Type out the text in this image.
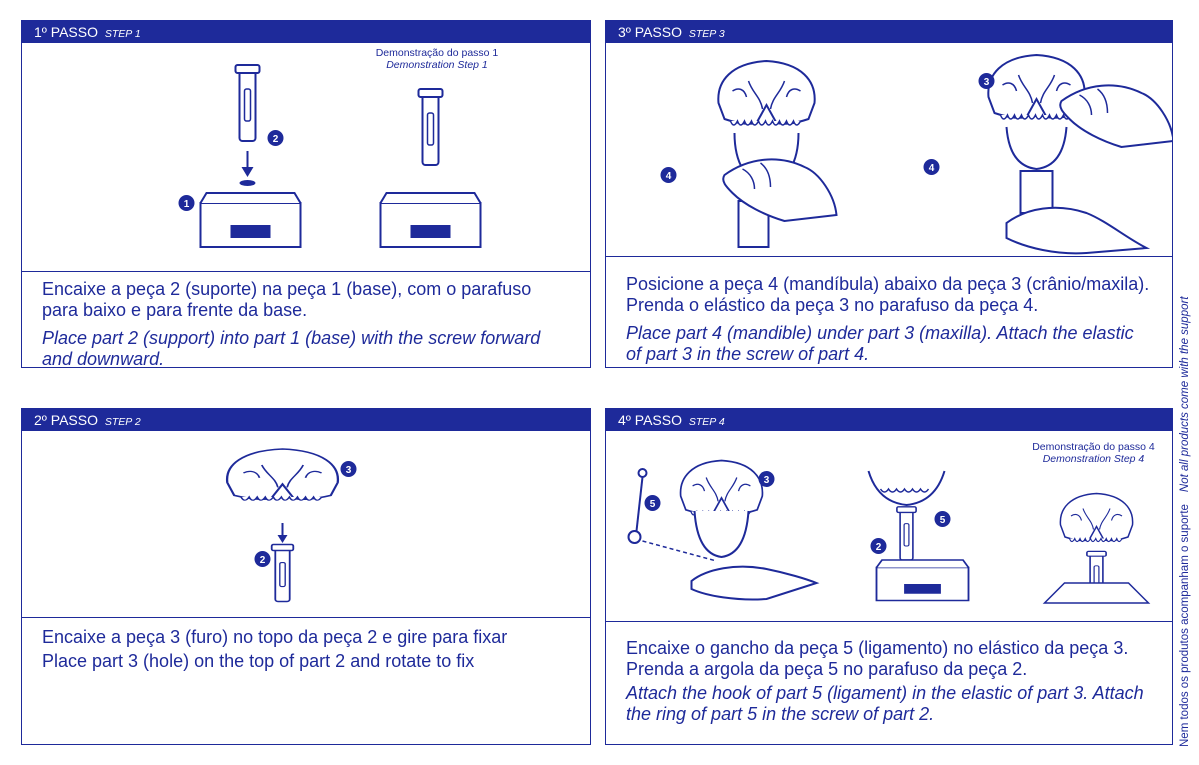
1º PASSO STEP 1
1
2
Demonstração do passo 1
Demonstration Step 1

Encaixe a peça 2 (suporte) na peça 1 (base), com o parafuso para baixo e para frente da base.

Place part 2 (support) into part 1 (base) with the screw forward and downward.

3º PASSO STEP 3
4
4
3

Posicione a peça 4 (mandíbula) abaixo da peça 3 (crânio/maxila). Prenda o elástico da peça 3 no parafuso da peça 4.

Place part 4 (mandible) under part 3 (maxilla). Attach the elastic of part 3 in the screw of part 4.

2º PASSO STEP 2
3
2

Encaixe a peça 3 (furo) no topo da peça 2 e gire para fixar

Place part 3 (hole) on the top of part 2 and rotate to fix

4º PASSO STEP 4
5
3
2
5
Demonstração do passo 4
Demonstration Step 4

Encaixe o gancho da peça 5 (ligamento) no elástico da peça 3. Prenda a argola da peça 5 no parafuso da peça 2.

Attach the hook of part 5 (ligament) in the elastic of part 3. Attach the ring of part 5 in the screw of part 2.	Nem todos os produtos acompanham o suporteNot all products come with the support
